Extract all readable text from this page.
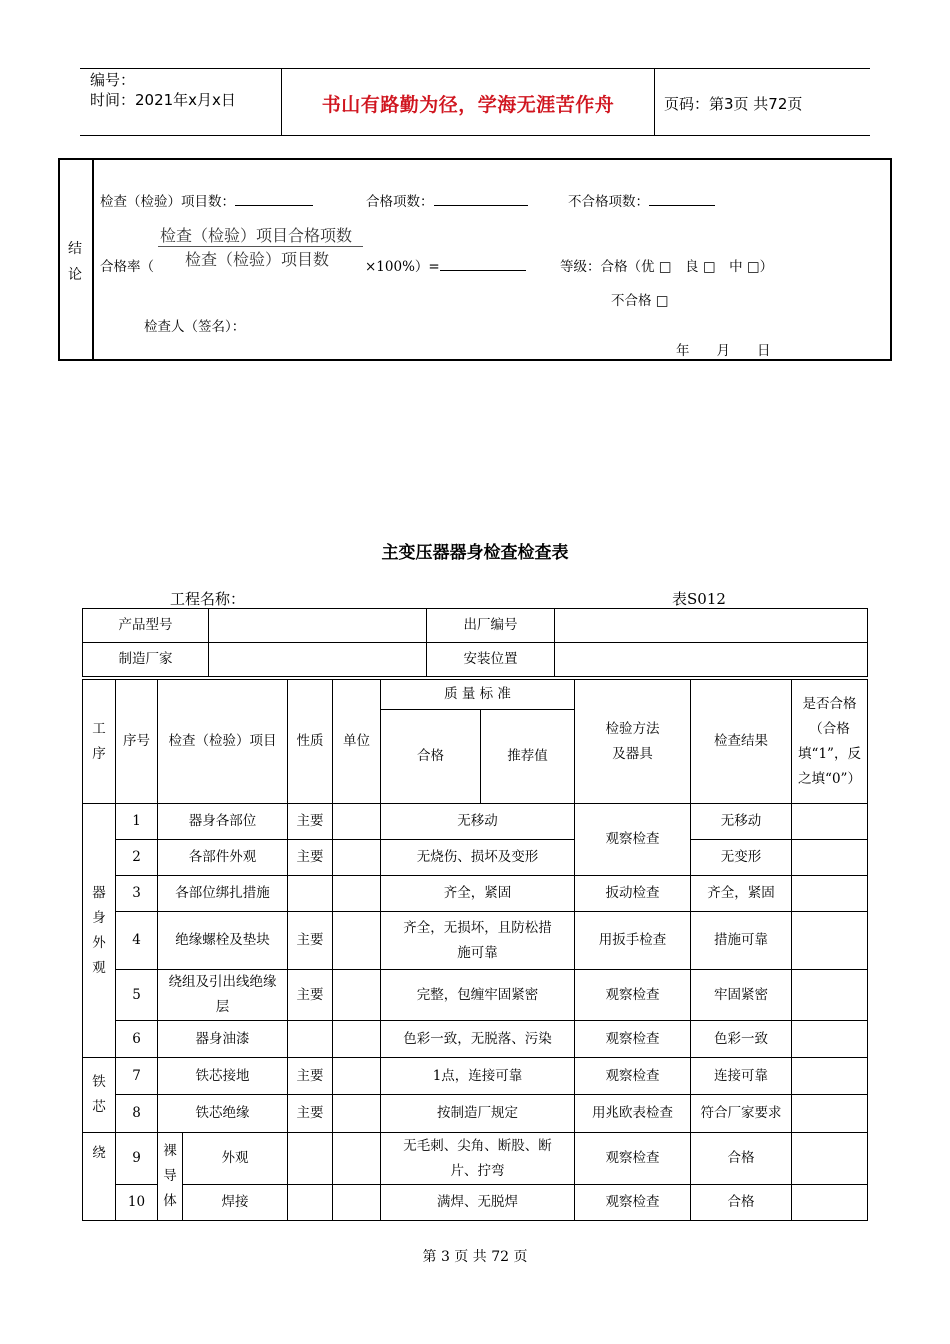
编号：
时间：2021年x月x日	书山有路勤为径，学海无涯苦作舟	页码：第3页 共72页
结
论
检查（检验）项目数：	合格项数：	不合格项数：
合格率（
检查（检验）项目合格项数
检查（检验）项目数	×100%）=	等级：合格（优 □　良 □　中 □）
不合格 □
检查人（签名）：
年　　月　　日
主变压器器身检查检查表
工程名称：	表S012
产品型号		出厂编号	
制造厂家		安装位置	
工序	序号	检查（检验）项目		性质	单位	质 量 标 准		检验方法及器具	检查结果	是否合格（合格填“1”，反之填“0”）
						合格	推荐值			
器身外观	1	器身各部位		主要		无移动		观察检查	无移动	
	2	各部件外观		主要		无烧伤、损坏及变形			无变形	
	3	各部位绑扎措施				齐全，紧固		扳动检查	齐全，紧固	
	4	绝缘螺栓及垫块		主要		齐全，无损坏，且防松措施可靠		用扳手检查	措施可靠	
	5	绕组及引出线绝缘层		主要		完整，包缠牢固紧密		观察检查	牢固紧密	
	6	器身油漆				色彩一致，无脱落、污染		观察检查	色彩一致	
铁芯	7	铁芯接地		主要		1点，连接可靠		观察检查	连接可靠	
	8	铁芯绝缘		主要		按制造厂规定		用兆欧表检查	符合厂家要求	
绕	9	裸导体	外观			无毛刺、尖角、断股、断片、拧弯		观察检查	合格	
	10		焊接			满焊、无脱焊		观察检查	合格	
第 3 页 共 72 页
